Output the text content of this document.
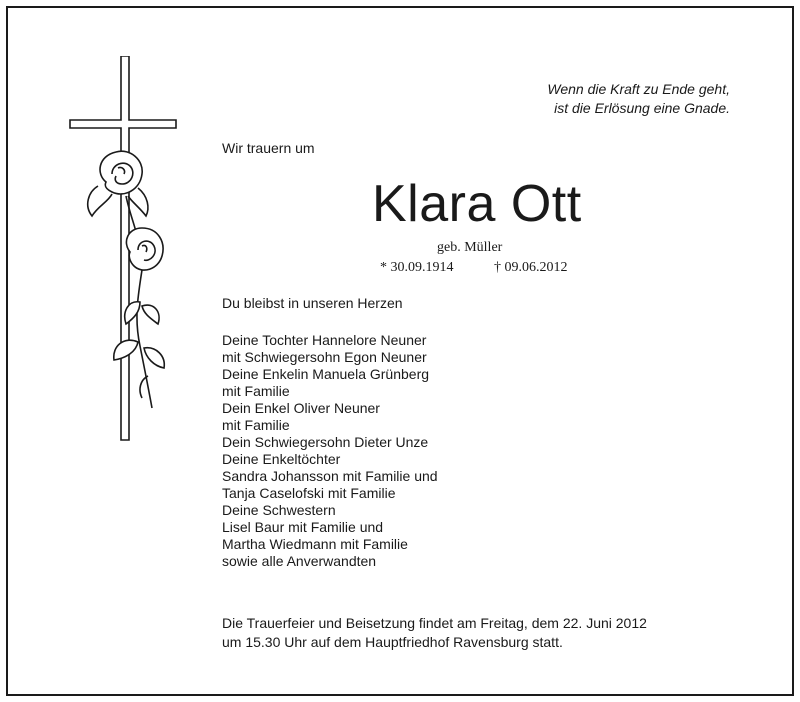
Wenn die Kraft zu Ende geht,
ist die Erlösung eine Gnade.
Wir trauern um
Klara Ott
geb. Müller
* 30.09.1914	† 09.06.2012
Du bleibst in unseren Herzen
Deine Tochter Hannelore Neuner
mit Schwiegersohn Egon Neuner
Deine Enkelin Manuela Grünberg
mit Familie
Dein Enkel Oliver Neuner
mit Familie
Dein Schwiegersohn Dieter Unze
Deine Enkeltöchter
Sandra Johansson mit Familie und
Tanja Caselofski mit Familie
Deine Schwestern
Lisel Baur mit Familie und
Martha Wiedmann mit Familie
sowie alle Anverwandten
Die Trauerfeier und Beisetzung findet am Freitag, dem 22. Juni 2012
um 15.30 Uhr auf dem Hauptfriedhof Ravensburg statt.
